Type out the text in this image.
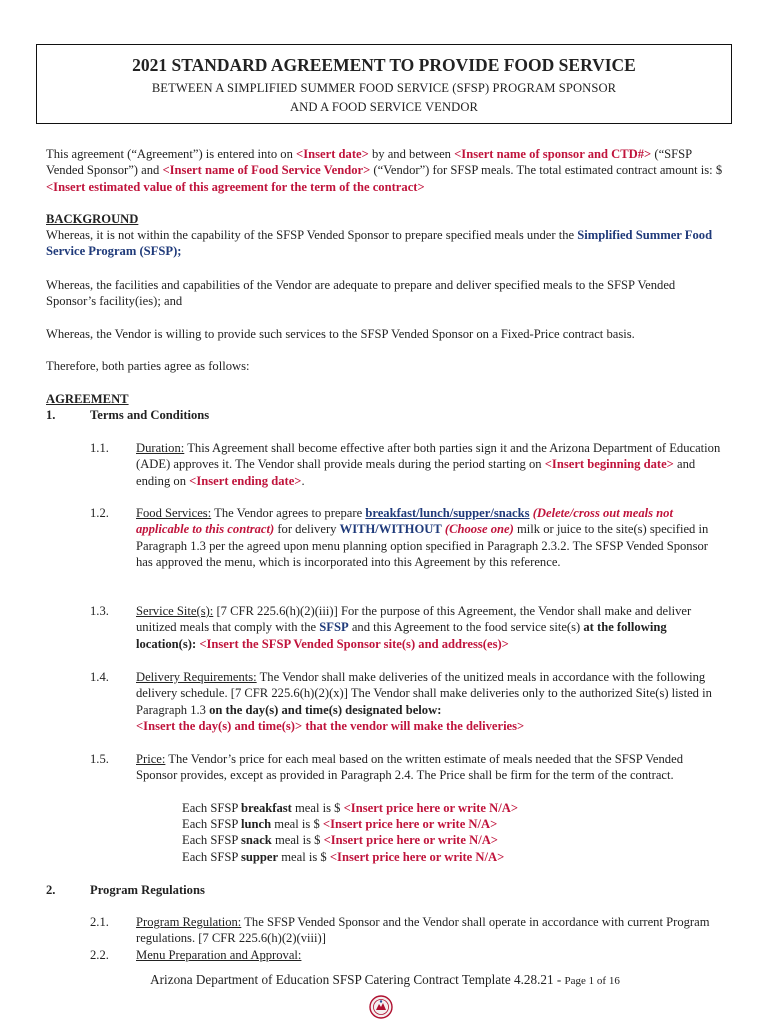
2021 STANDARD AGREEMENT TO PROVIDE FOOD SERVICE
BETWEEN A SIMPLIFIED SUMMER FOOD SERVICE (SFSP) PROGRAM SPONSOR
AND A FOOD SERVICE VENDOR
This agreement (“Agreement”) is entered into on <Insert date> by and between <Insert name of sponsor and CTD#> (“SFSP Vended Sponsor”) and <Insert name of Food Service Vendor> (“Vendor”) for SFSP meals. The total estimated contract amount is: $ <Insert estimated value of this agreement for the term of the contract>
BACKGROUND
Whereas, it is not within the capability of the SFSP Vended Sponsor to prepare specified meals under the Simplified Summer Food Service Program (SFSP);
Whereas, the facilities and capabilities of the Vendor are adequate to prepare and deliver specified meals to the SFSP Vended Sponsor’s facility(ies); and
Whereas, the Vendor is willing to provide such services to the SFSP Vended Sponsor on a Fixed-Price contract basis.
Therefore, both parties agree as follows:
AGREEMENT
1.	Terms and Conditions
1.1. Duration: This Agreement shall become effective after both parties sign it and the Arizona Department of Education (ADE) approves it. The Vendor shall provide meals during the period starting on <Insert beginning date> and ending on <Insert ending date>.
1.2. Food Services: The Vendor agrees to prepare breakfast/lunch/supper/snacks (Delete/cross out meals not applicable to this contract) for delivery WITH/WITHOUT (Choose one) milk or juice to the site(s) specified in Paragraph 1.3 per the agreed upon menu planning option specified in Paragraph 2.3.2. The SFSP Vended Sponsor has approved the menu, which is incorporated into this Agreement by this reference.
1.3. Service Site(s): [7 CFR 225.6(h)(2)(iii)] For the purpose of this Agreement, the Vendor shall make and deliver unitized meals that comply with the SFSP and this Agreement to the food service site(s) at the following location(s): <Insert the SFSP Vended Sponsor site(s) and address(es)>
1.4. Delivery Requirements: The Vendor shall make deliveries of the unitized meals in accordance with the following delivery schedule. [7 CFR 225.6(h)(2)(x)] The Vendor shall make deliveries only to the authorized Site(s) listed in Paragraph 1.3 on the day(s) and time(s) designated below:
<Insert the day(s) and time(s)> that the vendor will make the deliveries>
1.5. Price: The Vendor’s price for each meal based on the written estimate of meals needed that the SFSP Vended Sponsor provides, except as provided in Paragraph 2.4. The Price shall be firm for the term of the contract.
Each SFSP breakfast meal is $ <Insert price here or write N/A>
Each SFSP lunch meal is $ <Insert price here or write N/A>
Each SFSP snack meal is $ <Insert price here or write N/A>
Each SFSP supper meal is $ <Insert price here or write N/A>
2.	Program Regulations
2.1. Program Regulation: The SFSP Vended Sponsor and the Vendor shall operate in accordance with current Program regulations. [7 CFR 225.6(h)(2)(viii)]
2.2. Menu Preparation and Approval:
Arizona Department of Education SFSP Catering Contract Template 4.28.21 - Page 1 of 16
